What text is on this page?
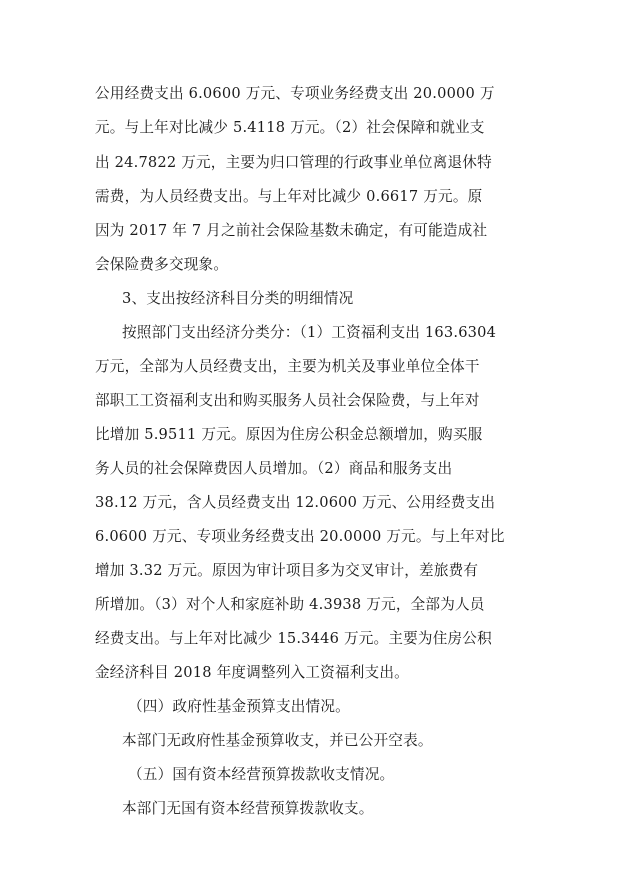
公用经费支出 6.0600 万元、专项业务经费支出 20.0000 万
元。与上年对比减少 5.4118 万元。（2）社会保障和就业支
出 24.7822 万元，主要为归口管理的行政事业单位离退休特
需费，为人员经费支出。与上年对比减少 0.6617 万元。原
因为 2017 年 7 月之前社会保险基数未确定，有可能造成社
会保险费多交现象。
3、支出按经济科目分类的明细情况
按照部门支出经济分类分：（1）工资福利支出 163.6304
万元，全部为人员经费支出，主要为机关及事业单位全体干
部职工工资福利支出和购买服务人员社会保险费，与上年对
比增加 5.9511 万元。原因为住房公积金总额增加，购买服
务人员的社会保障费因人员增加。（2）商品和服务支出
38.12 万元，含人员经费支出 12.0600 万元、公用经费支出
6.0600 万元、专项业务经费支出 20.0000 万元。与上年对比
增加 3.32 万元。原因为审计项目多为交叉审计，差旅费有
所增加。（3）对个人和家庭补助 4.3938 万元，全部为人员
经费支出。与上年对比减少 15.3446 万元。主要为住房公积
金经济科目 2018 年度调整列入工资福利支出。
（四）政府性基金预算支出情况。
本部门无政府性基金预算收支，并已公开空表。
（五）国有资本经营预算拨款收支情况。
本部门无国有资本经营预算拨款收支。
